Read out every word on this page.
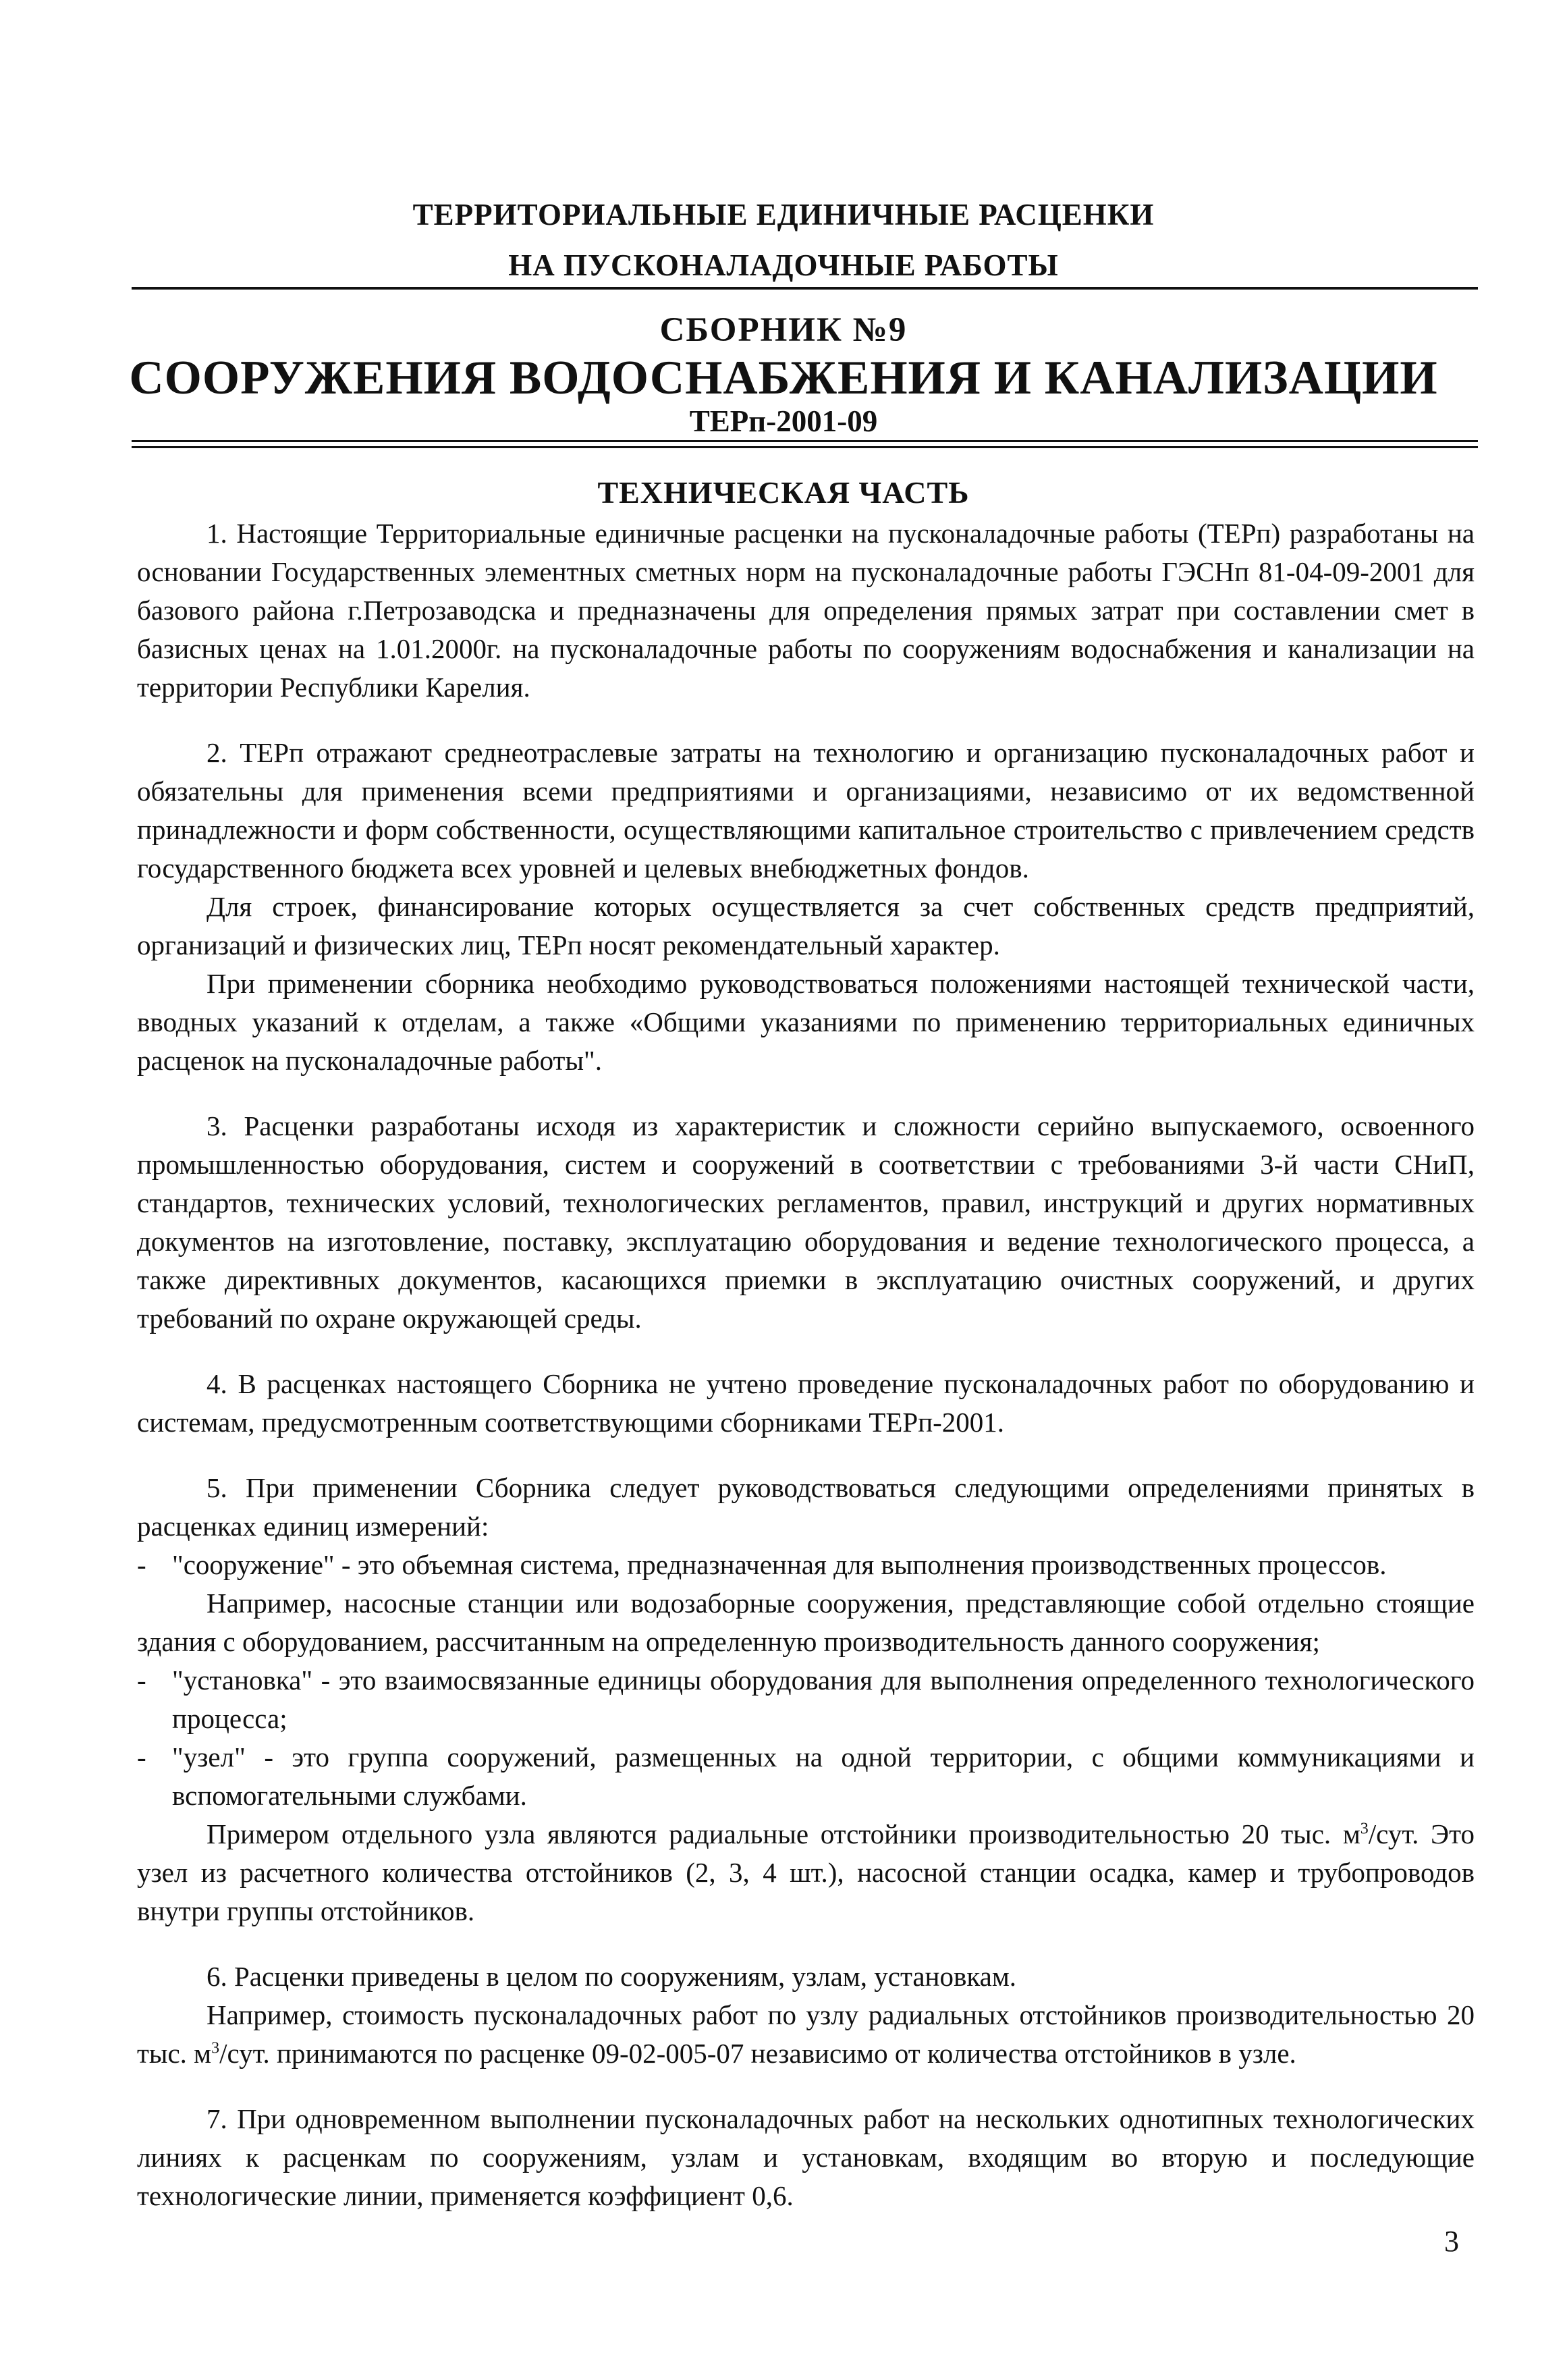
ТЕРРИТОРИАЛЬНЫЕ ЕДИНИЧНЫЕ РАСЦЕНКИ
НА ПУСКОНАЛАДОЧНЫЕ РАБОТЫ
СБОРНИК №9
СООРУЖЕНИЯ ВОДОСНАБЖЕНИЯ И КАНАЛИЗАЦИИ
ТЕРп-2001-09
ТЕХНИЧЕСКАЯ ЧАСТЬ

1. Настоящие Территориальные единичные расценки на пусконаладочные работы (ТЕРп) разработаны на основании Государственных элементных сметных норм на пусконаладочные работы ГЭСНп 81-04-09-2001 для базового района г.Петрозаводска и предназначены для определения прямых затрат при составлении смет в базисных ценах на 1.01.2000г. на пусконаладочные работы по сооружениям водоснабжения и канализации на территории Республики Карелия.

2. ТЕРп отражают среднеотраслевые затраты на технологию и организацию пусконаладочных работ и обязательны для применения всеми предприятиями и организациями, независимо от их ведомственной принадлежности и форм собственности, осуществляющими капитальное строительство с привлечением средств государственного бюджета всех уровней и целевых внебюджетных фондов.

Для строек, финансирование которых осуществляется за счет собственных средств предприятий, организаций и физических лиц, ТЕРп носят рекомендательный характер.

При применении сборника необходимо руководствоваться положениями настоящей технической части, вводных указаний к отделам, а также «Общими указаниями по применению территориальных единичных расценок на пусконаладочные работы".

3. Расценки разработаны исходя из характеристик и сложности серийно выпускаемого, освоенного промышленностью оборудования, систем и сооружений в соответствии с требованиями 3-й части СНиП, стандартов, технических условий, технологических регламентов, правил, инструкций и других нормативных документов на изготовление, поставку, эксплуатацию оборудования и ведение технологического процесса, а также директивных документов, касающихся приемки в эксплуатацию очистных сооружений, и других требований по охране окружающей среды.

4. В расценках настоящего Сборника не учтено проведение пусконаладочных работ по оборудованию и системам, предусмотренным соответствующими сборниками ТЕРп-2001.

5. При применении Сборника следует руководствоваться следующими определениями принятых в расценках единиц измерений:

- "сооружение" - это объемная система, предназначенная для выполнения производственных процессов.

Например, насосные станции или водозаборные сооружения, представляющие собой отдельно стоящие здания с оборудованием, рассчитанным на определенную производительность данного сооружения;

- "установка" - это взаимосвязанные единицы оборудования для выполнения определенного технологического процесса;
- "узел" - это группа сооружений, размещенных на одной территории, с общими коммуникациями и вспомогательными службами.

Примером отдельного узла являются радиальные отстойники производительностью 20 тыс. $м^3$/сут. Это узел из расчетного количества отстойников (2, 3, 4 шт.), насосной станции осадка, камер и трубопроводов внутри группы отстойников.

6. Расценки приведены в целом по сооружениям, узлам, установкам.

Например, стоимость пусконаладочных работ по узлу радиальных отстойников производительностью 20 тыс. $м^3$/сут. принимаются по расценке 09-02-005-07 независимо от количества отстойников в узле.

7. При одновременном выполнении пусконаладочных работ на нескольких однотипных технологических линиях к расценкам по сооружениям, узлам и установкам, входящим во вторую и последующие технологические линии, применяется коэффициент 0,6.

3
